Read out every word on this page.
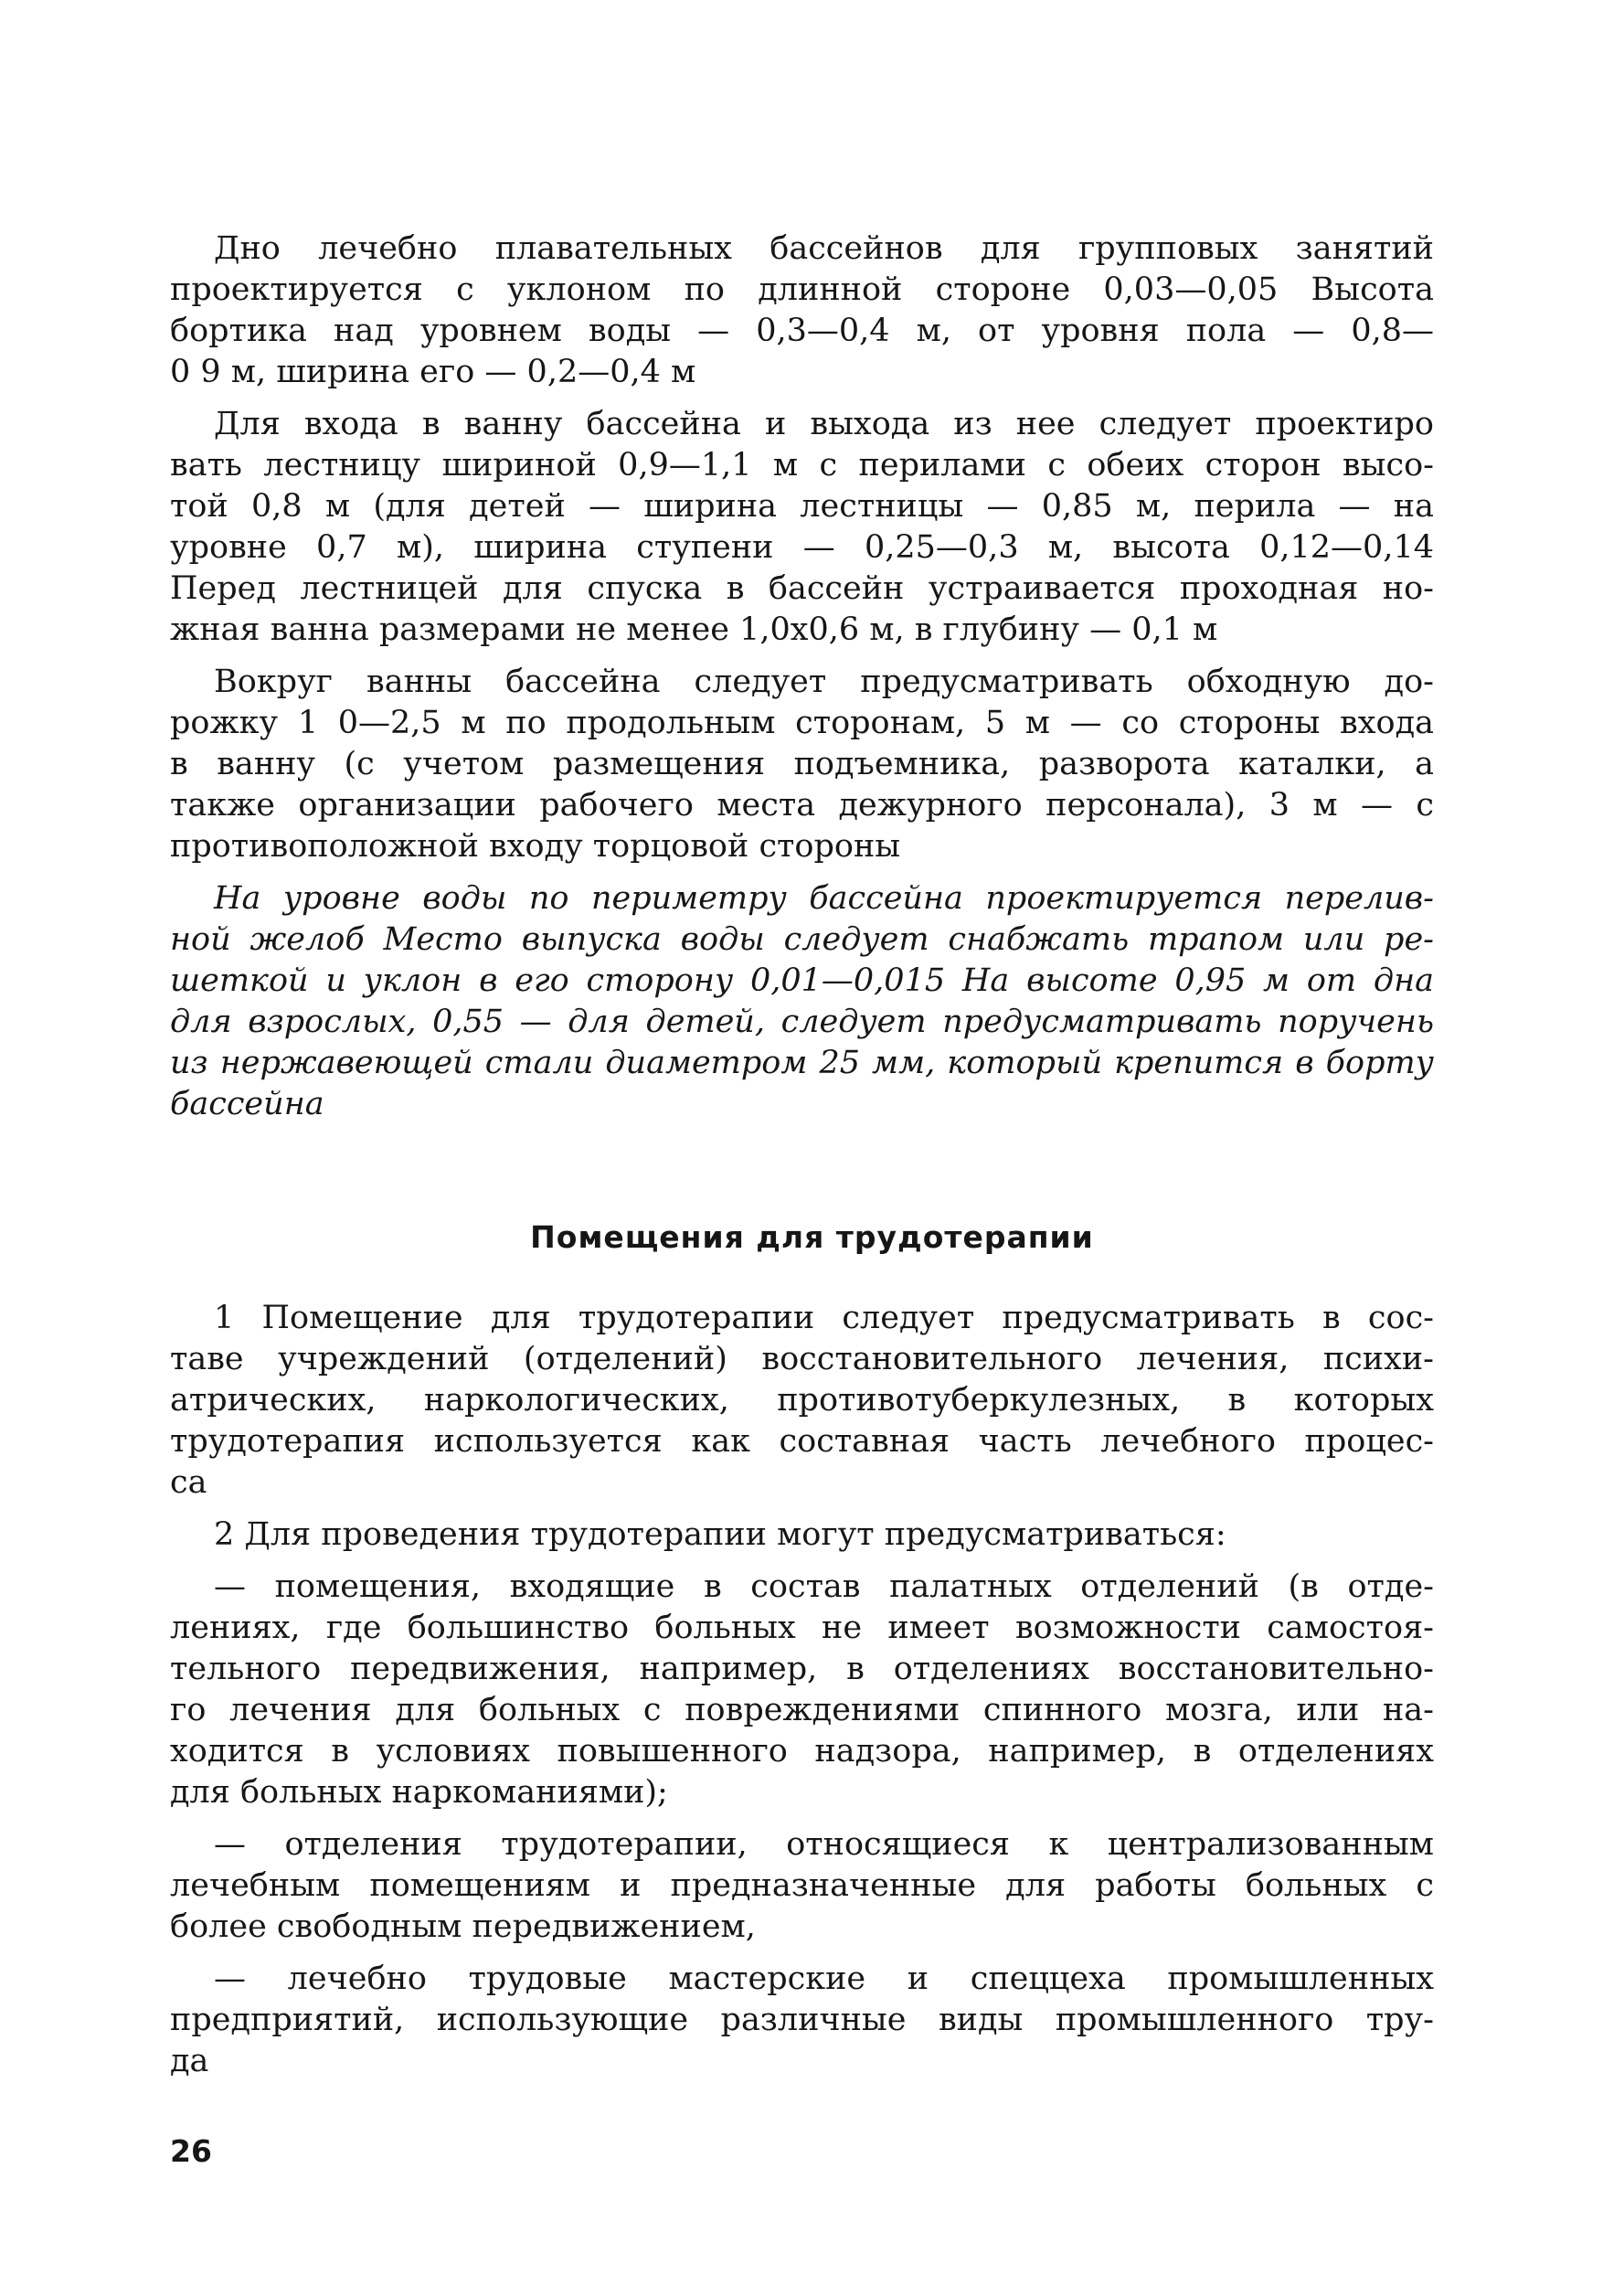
Дно лечебно плавательных бассейнов для групповых занятий
проектируется с уклоном по длинной стороне 0,03—0,05 Высота
бортика над уровнем воды — 0,3—0,4 м, от уровня пола — 0,8—
0 9 м, ширина его — 0,2—0,4 м

Для входа в ванну бассейна и выхода из нее следует проектиро
вать лестницу шириной 0,9—1,1 м с перилами с обеих сторон высо-
той 0,8 м (для детей — ширина лестницы — 0,85 м, перила — на
уровне 0,7 м), ширина ступени — 0,25—0,3 м, высота 0,12—0,14
Перед лестницей для спуска в бассейн устраивается проходная но-
жная ванна размерами не менее 1,0х0,6 м, в глубину — 0,1 м

Вокруг ванны бассейна следует предусматривать обходную до-
рожку 1 0—2,5 м по продольным сторонам, 5 м — со стороны входа
в ванну (с учетом размещения подъемника, разворота каталки, а
также организации рабочего места дежурного персонала), 3 м — с
противоположной входу торцовой стороны

На уровне воды по периметру бассейна проектируется перелив-
ной желоб Место выпуска воды следует снабжать трапом или ре-
шеткой и уклон в его сторону 0,01—0,015 На высоте 0,95 м от дна
для взрослых, 0,55 — для детей, следует предусматривать поручень
из нержавеющей стали диаметром 25 мм, который крепится в борту
бассейна

Помещения для трудотерапии

1 Помещение для трудотерапии следует предусматривать в сос-
таве учреждений (отделений) восстановительного лечения, психи-
атрических, наркологических, противотуберкулезных, в которых
трудотерапия используется как составная часть лечебного процес-
са

2 Для проведения трудотерапии могут предусматриваться:

— помещения, входящие в состав палатных отделений (в отде-
лениях, где большинство больных не имеет возможности самостоя-
тельного передвижения, например, в отделениях восстановительно-
го лечения для больных с повреждениями спинного мозга, или на-
ходится в условиях повышенного надзора, например, в отделениях
для больных наркоманиями);

— отделения трудотерапии, относящиеся к централизованным
лечебным помещениям и предназначенные для работы больных с
более свободным передвижением,

— лечебно трудовые мастерские и спеццеха промышленных
предприятий, использующие различные виды промышленного тру-
да

26
